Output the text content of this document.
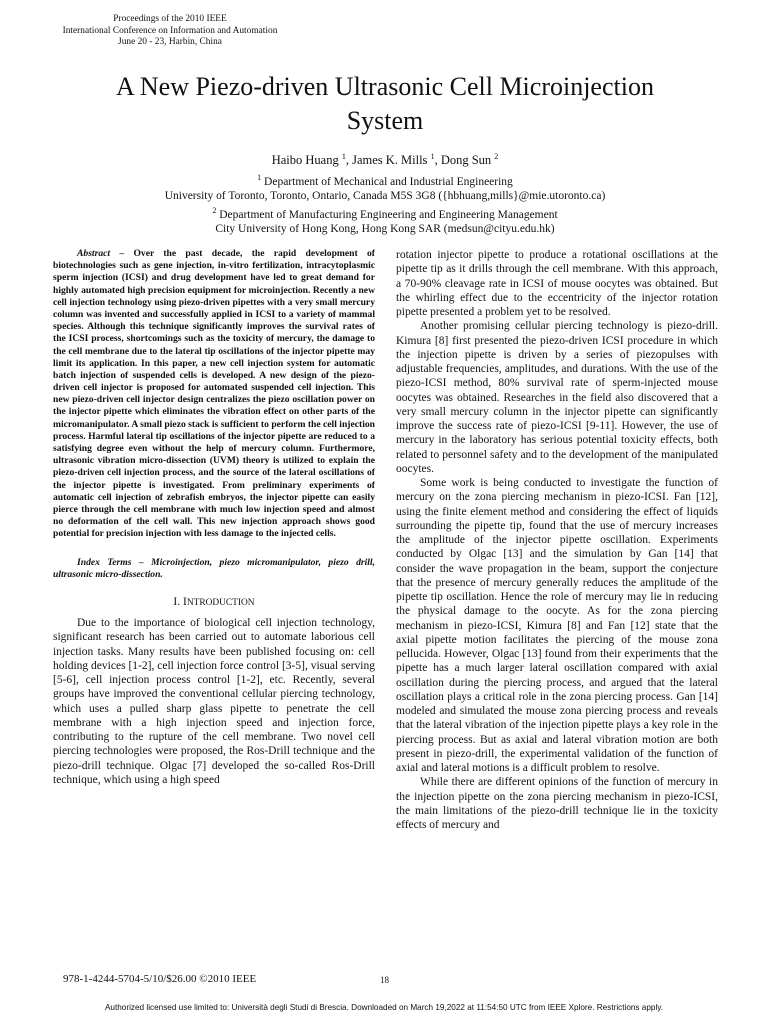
Proceedings of the 2010 IEEE
International Conference on Information and Automation
June 20 - 23, Harbin, China
A New Piezo-driven Ultrasonic Cell Microinjection
System
Haibo Huang $^1$, James K. Mills $^1$, Dong Sun $^2$
$^1$ Department of Mechanical and Industrial Engineering
University of Toronto, Toronto, Ontario, Canada M5S 3G8 ({hbhuang,mills}@mie.utoronto.ca)
$^2$ Department of Manufacturing Engineering and Engineering Management
City University of Hong Kong, Hong Kong SAR (medsun@cityu.edu.hk)

Abstract – Over the past decade, the rapid development of biotechnologies such as gene injection, in-vitro fertilization, intracytoplasmic sperm injection (ICSI) and drug development have led to great demand for highly automated high precision equipment for microinjection. Recently a new cell injection technology using piezo-driven pipettes with a very small mercury column was invented and successfully applied in ICSI to a variety of mammal species. Although this technique significantly improves the survival rates of the ICSI process, shortcomings such as the toxicity of mercury, the damage to the cell membrane due to the lateral tip oscillations of the injector pipette may limit its application. In this paper, a new cell injection system for automatic batch injection of suspended cells is developed. A new design of the piezo-driven cell injector is proposed for automated suspended cell injection. This new piezo-driven cell injector design centralizes the piezo oscillation power on the injector pipette which eliminates the vibration effect on other parts of the micromanipulator. A small piezo stack is sufficient to perform the cell injection process. Harmful lateral tip oscillations of the injector pipette are reduced to a satisfying degree even without the help of mercury column. Furthermore, ultrasonic vibration micro-dissection (UVM) theory is utilized to explain the piezo-driven cell injection process, and the source of the lateral oscillations of the injector pipette is investigated. From preliminary experiments of automatic cell injection of zebrafish embryos, the injector pipette can easily pierce through the cell membrane with much low injection speed and almost no deformation of the cell wall. This new injection approach shows good potential for precision injection with less damage to the injected cells.

Index Terms – Microinjection, piezo micromanipulator, piezo drill, ultrasonic micro-dissection.

I. INTRODUCTION

Due to the importance of biological cell injection technology, significant research has been carried out to automate laborious cell injection tasks. Many results have been published focusing on: cell holding devices [1-2], cell injection force control [3-5], visual serving [5-6], cell injection process control [1-2], etc. Recently, several groups have improved the conventional cellular piercing technology, which uses a pulled sharp glass pipette to penetrate the cell membrane with a high injection speed and injection force, contributing to the rupture of the cell membrane. Two novel cell piercing technologies were proposed, the Ros-Drill technique and the piezo-drill technique. Olgac [7] developed the so-called Ros-Drill technique, which using a high speed

rotation injector pipette to produce a rotational oscillations at the pipette tip as it drills through the cell membrane. With this approach, a 70-90% cleavage rate in ICSI of mouse oocytes was obtained. But the whirling effect due to the eccentricity of the injector rotation pipette presented a problem yet to be resolved.

Another promising cellular piercing technology is piezo-drill. Kimura [8] first presented the piezo-driven ICSI procedure in which the injection pipette is driven by a series of piezopulses with adjustable frequencies, amplitudes, and durations. With the use of the piezo-ICSI method, 80% survival rate of sperm-injected mouse oocytes was obtained. Researches in the field also discovered that a very small mercury column in the injector pipette can significantly improve the success rate of piezo-ICSI [9-11]. However, the use of mercury in the laboratory has serious potential toxicity effects, both related to personnel safety and to the development of the manipulated oocytes.

Some work is being conducted to investigate the function of mercury on the zona piercing mechanism in piezo-ICSI. Fan [12], using the finite element method and considering the effect of liquids surrounding the pipette tip, found that the use of mercury increases the amplitude of the injector pipette oscillation. Experiments conducted by Olgac [13] and the simulation by Gan [14] that consider the wave propagation in the beam, support the conjecture that the presence of mercury generally reduces the amplitude of the pipette tip oscillation. Hence the role of mercury may lie in reducing the physical damage to the oocyte. As for the zona piercing mechanism in piezo-ICSI, Kimura [8] and Fan [12] state that the axial pipette motion facilitates the piercing of the mouse zona pellucida. However, Olgac [13] found from their experiments that the pipette has a much larger lateral oscillation compared with axial oscillation during the piercing process, and argued that the lateral oscillation plays a critical role in the zona piercing process. Gan [14] modeled and simulated the mouse zona piercing process and reveals that the lateral vibration of the injection pipette plays a key role in the piercing process. But as axial and lateral vibration motion are both present in piezo-drill, the experimental validation of the function of axial and lateral motions is a difficult problem to resolve.

While there are different opinions of the function of mercury in the injection pipette on the zona piercing mechanism in piezo-ICSI, the main limitations of the piezo-drill technique lie in the toxicity effects of mercury and

978-1-4244-5704-5/10/$26.00 ©2010 IEEE	18
Authorized licensed use limited to: Università degli Studi di Brescia. Downloaded on March 19,2022 at 11:54:50 UTC from IEEE Xplore. Restrictions apply.
